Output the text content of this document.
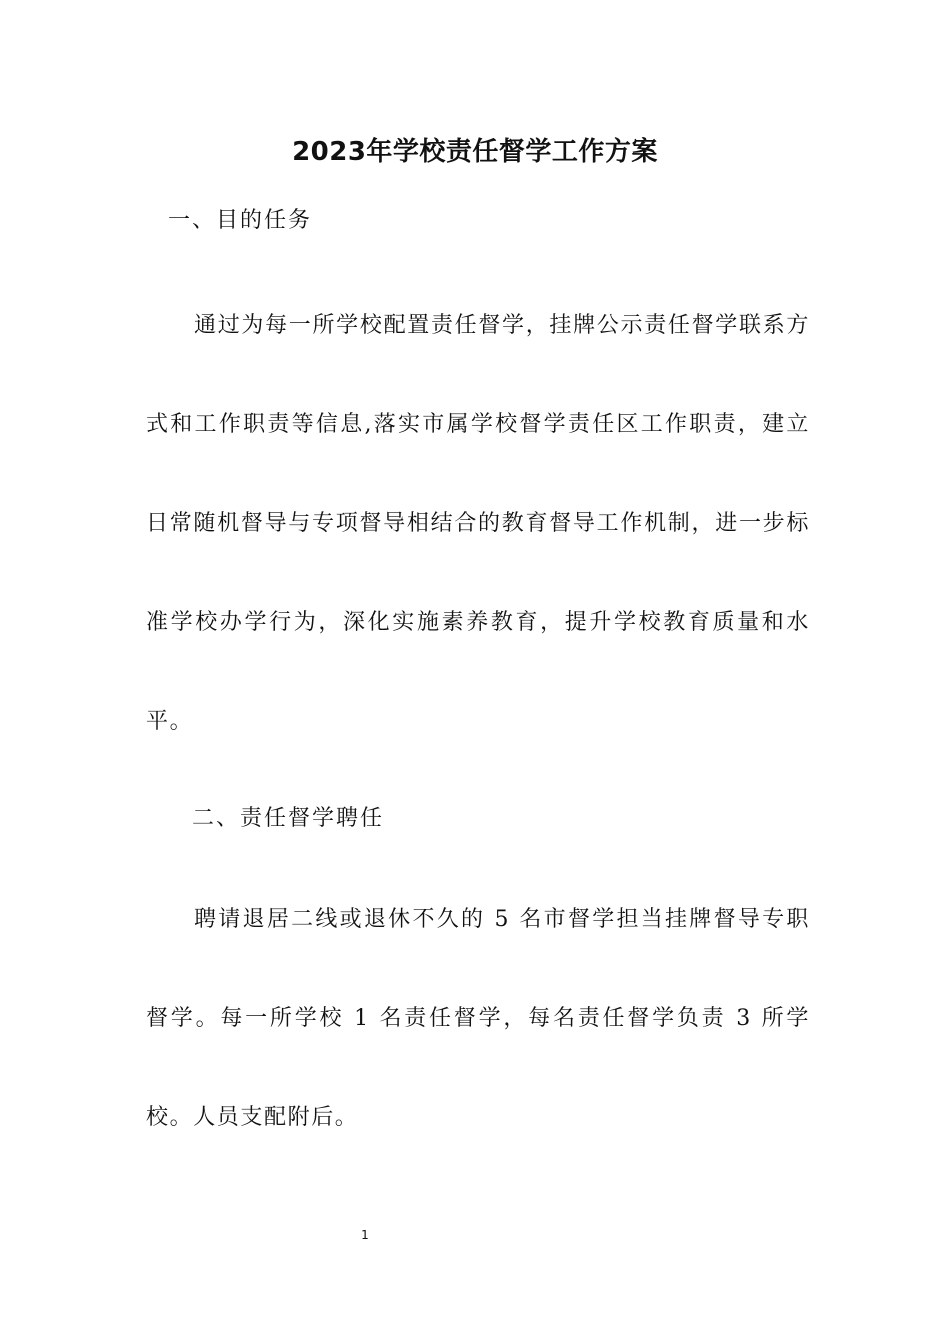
2023年学校责任督学工作方案

一、目的任务

通过为每一所学校配置责任督学，挂牌公示责任督学联系方式和工作职责等信息,落实市属学校督学责任区工作职责，建立日常随机督导与专项督导相结合的教育督导工作机制，进一步标准学校办学行为，深化实施素养教育，提升学校教育质量和水平。

二、责任督学聘任

聘请退居二线或退休不久的 5 名市督学担当挂牌督导专职督学。每一所学校 1 名责任督学，每名责任督学负责 3 所学校。人员支配附后。

1
